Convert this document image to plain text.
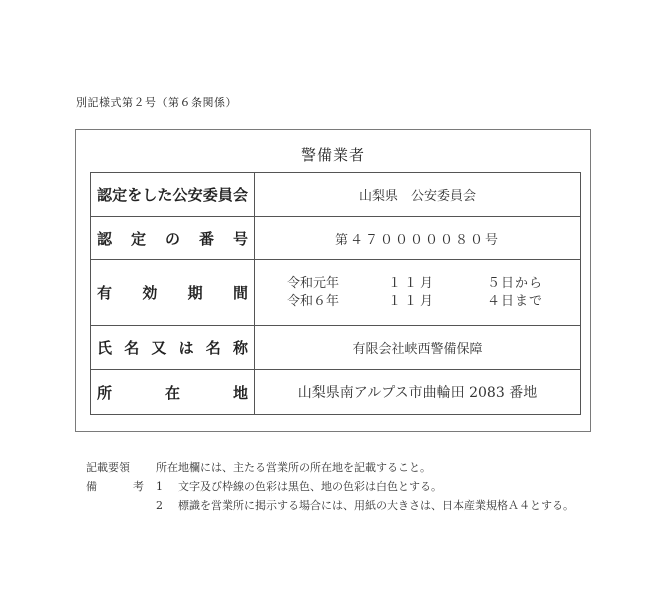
別記様式第２号（第６条関係）
警備業者
認 定 を し た 公 安 委 員 会	山梨県　公安委員会

認 定 の 番 号	第４７０００００８０号

有 効 期 間

令和元年	１１月	５日から
令和６年	１１月	４日まで

氏 名 又 は 名 称	有限会社峡西警備保障

所 在 地	山梨県南アルプス市曲輪田 2083 番地
記載要領	所在地欄には、主たる営業所の所在地を記載すること。
備	考 1	文字及び枠線の色彩は黒色、地の色彩は白色とする。
2	標識を営業所に掲示する場合には、用紙の大きさは、日本産業規格Ａ４とする。
